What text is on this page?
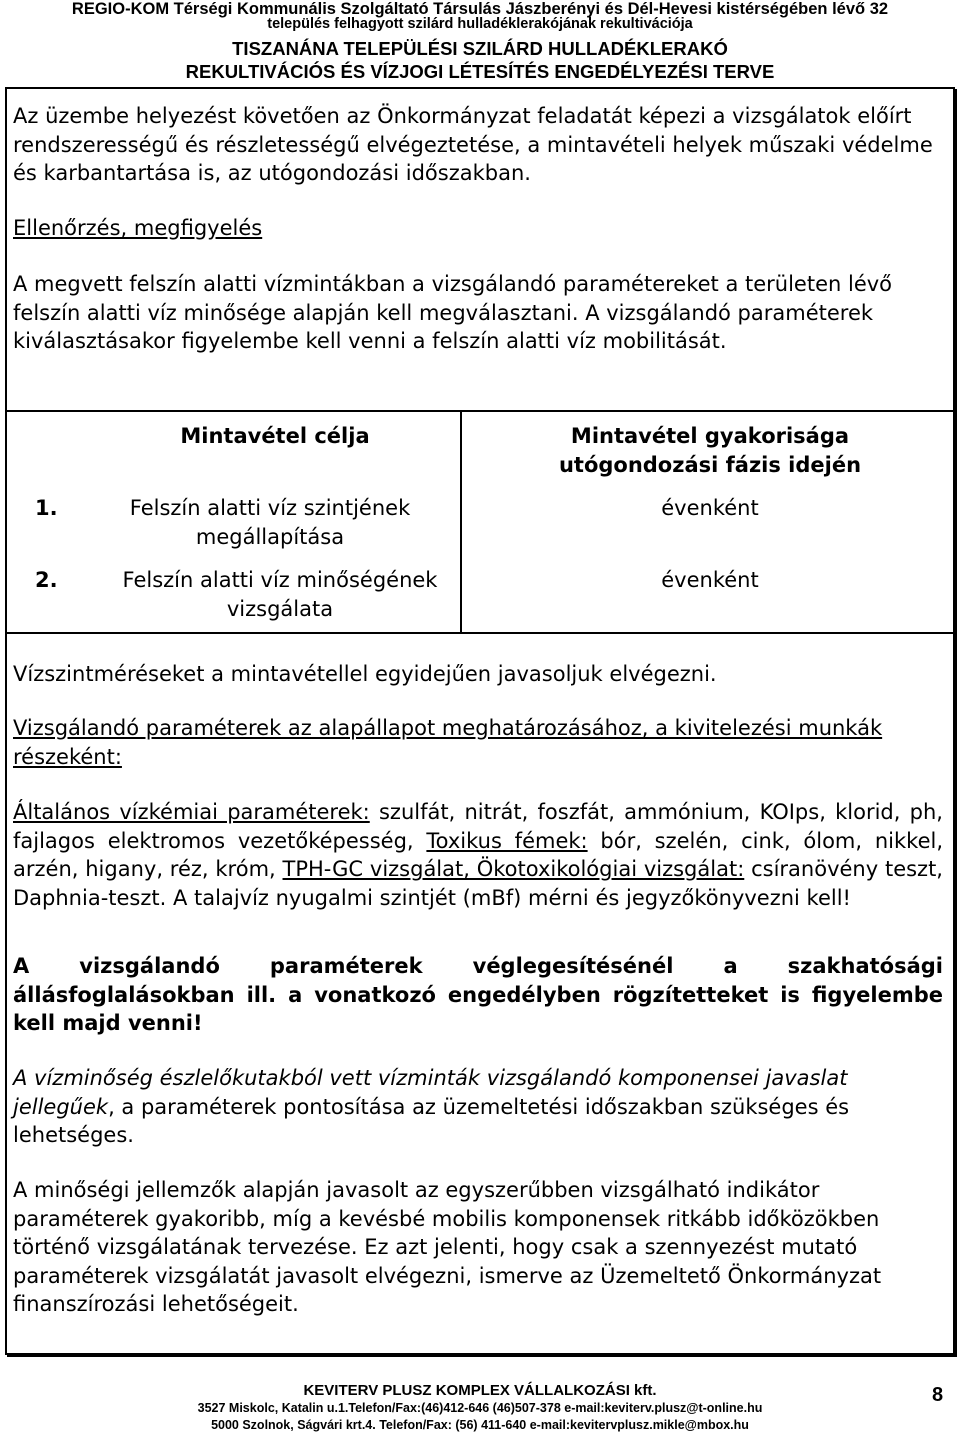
REGIO-KOM Térségi Kommunális Szolgáltató Társulás Jászberényi és Dél-Hevesi kistérségében lévő 32
település felhagyott szilárd hulladéklerakójának rekultivációja
TISZANÁNA TELEPÜLÉSI SZILÁRD HULLADÉKLERAKÓ
REKULTIVÁCIÓS ÉS VÍZJOGI LÉTESÍTÉS ENGEDÉLYEZÉSI TERVE
Az üzembe helyezést követően az Önkormányzat feladatát képezi a vizsgálatok előírt rendszerességű és részletességű elvégeztetése, a mintavételi helyek műszaki védelme és karbantartása is, az utógondozási időszakban.
Ellenőrzés, megfigyelés
A megvett felszín alatti vízmintákban a vizsgálandó paramétereket a területen lévő felszín alatti víz minősége alapján kell megválasztani. A vizsgálandó paraméterek kiválasztásakor figyelembe kell venni a felszín alatti víz mobilitását.
Mintavétel célja	Mintavétel gyakorisága utógondozási fázis idején
1.	Felszín alatti víz szintjének megállapítása
évenként
2.	Felszín alatti víz minőségének vizsgálata
évenként
Vízszintméréseket a mintavétellel egyidejűen javasoljuk elvégezni.
Vizsgálandó paraméterek az alapállapot meghatározásához, a kivitelezési munkák részeként:
Általános vízkémiai paraméterek: szulfát, nitrát, foszfát, ammónium, KOIps, klorid, ph, fajlagos elektromos vezetőképesség, Toxikus fémek: bór, szelén, cink, ólom, nikkel, arzén, higany, réz, króm, TPH-GC vizsgálat, Ökotoxikológiai vizsgálat: csíranövény teszt, Daphnia-teszt. A talajvíz nyugalmi szintjét (mBf) mérni és jegyzőkönyvezni kell!
A vizsgálandó paraméterek véglegesítésénél a szakhatósági állásfoglalásokban ill. a vonatkozó engedélyben rögzítetteket is figyelembe kell majd venni!
A vízminőség észlelőkutakból vett vízminták vizsgálandó komponensei javaslat jellegűek, a paraméterek pontosítása az üzemeltetési időszakban szükséges és lehetséges.
A minőségi jellemzők alapján javasolt az egyszerűbben vizsgálható indikátor paraméterek gyakoribb, míg a kevésbé mobilis komponensek ritkább időközökben történő vizsgálatának tervezése. Ez azt jelenti, hogy csak a szennyezést mutató paraméterek vizsgálatát javasolt elvégezni, ismerve az Üzemeltető Önkormányzat finanszírozási lehetőségeit.
KEVITERV PLUSZ KOMPLEX VÁLLALKOZÁSI kft.
3527 Miskolc, Katalin u.1.Telefon/Fax:(46)412-646 (46)507-378 e-mail:keviterv.plusz@t-online.hu
5000 Szolnok, Ságvári krt.4. Telefon/Fax: (56) 411-640 e-mail:kevitervplusz.mikle@mbox.hu
8
